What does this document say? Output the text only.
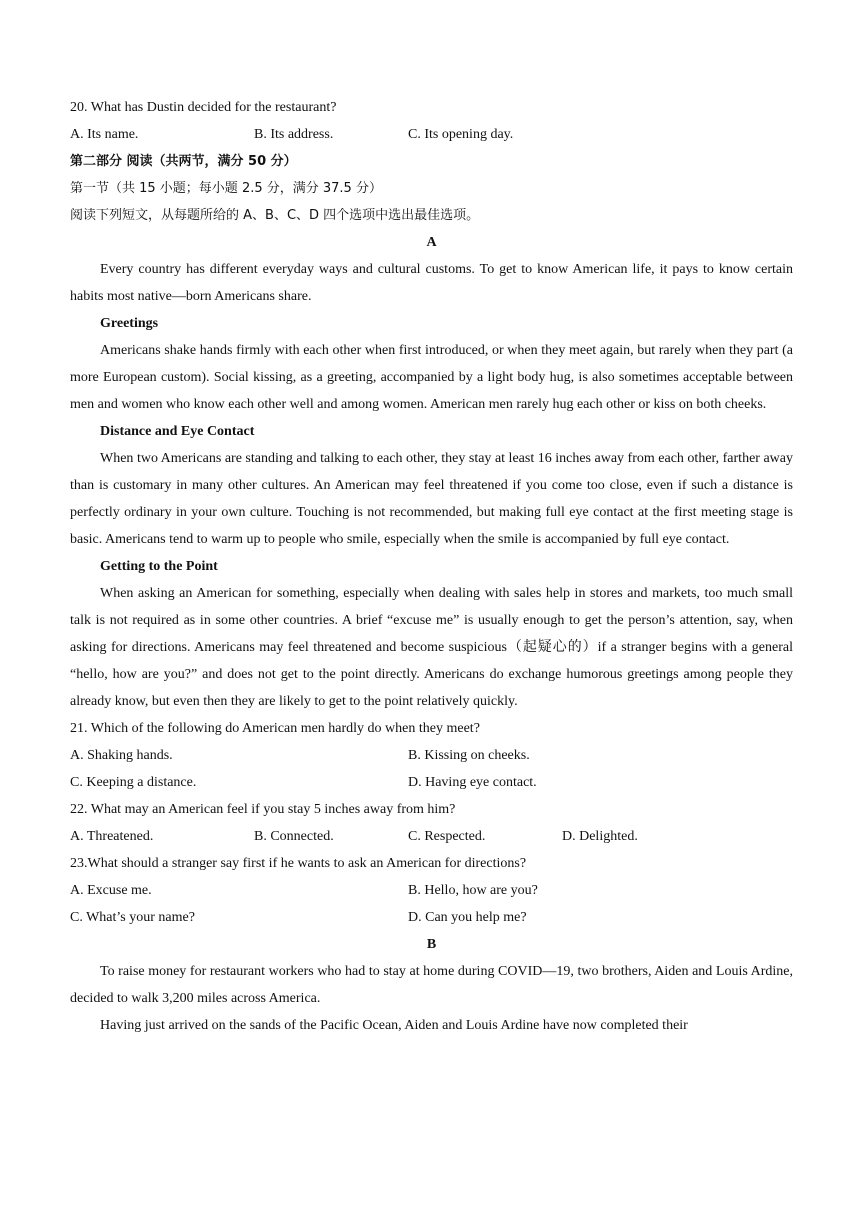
20. What has Dustin decided for the restaurant?

A. Its name.	B. Its address.	C. Its opening day.

第二部分 阅读（共两节，满分 50 分）

第一节（共 15 小题；每小题 2.5 分，满分 37.5 分）

阅读下列短文，从每题所给的 A、B、C、D 四个选项中选出最佳选项。

A

Every country has different everyday ways and cultural customs. To get to know American life, it pays to know certain habits most native—born Americans share.

Greetings

Americans shake hands firmly with each other when first introduced, or when they meet again, but rarely when they part (a more European custom). Social kissing, as a greeting, accompanied by a light body hug, is also sometimes acceptable between men and women who know each other well and among women. American men rarely hug each other or kiss on both cheeks.

Distance and Eye Contact

When two Americans are standing and talking to each other, they stay at least 16 inches away from each other, farther away than is customary in many other cultures. An American may feel threatened if you come too close, even if such a distance is perfectly ordinary in your own culture. Touching is not recommended, but making full eye contact at the first meeting stage is basic. Americans tend to warm up to people who smile, especially when the smile is accompanied by full eye contact.

Getting to the Point

When asking an American for something, especially when dealing with sales help in stores and markets, too much small talk is not required as in some other countries. A brief “excuse me” is usually enough to get the person’s attention, say, when asking for directions. Americans may feel threatened and become suspicious（起疑心的）if a stranger begins with a general “hello, how are you?” and does not get to the point directly. Americans do exchange humorous greetings among people they already know, but even then they are likely to get to the point relatively quickly.

21. Which of the following do American men hardly do when they meet?

A. Shaking hands.	B. Kissing on cheeks.
C. Keeping a distance.	D. Having eye contact.

22. What may an American feel if you stay 5 inches away from him?

A. Threatened.	B. Connected.	C. Respected.	D. Delighted.

23.What should a stranger say first if he wants to ask an American for directions?

A. Excuse me.	B. Hello, how are you?
C. What’s your name?	D. Can you help me?

B

To raise money for restaurant workers who had to stay at home during COVID—19, two brothers, Aiden and Louis Ardine, decided to walk 3,200 miles across America.

Having just arrived on the sands of the Pacific Ocean, Aiden and Louis Ardine have now completed their
